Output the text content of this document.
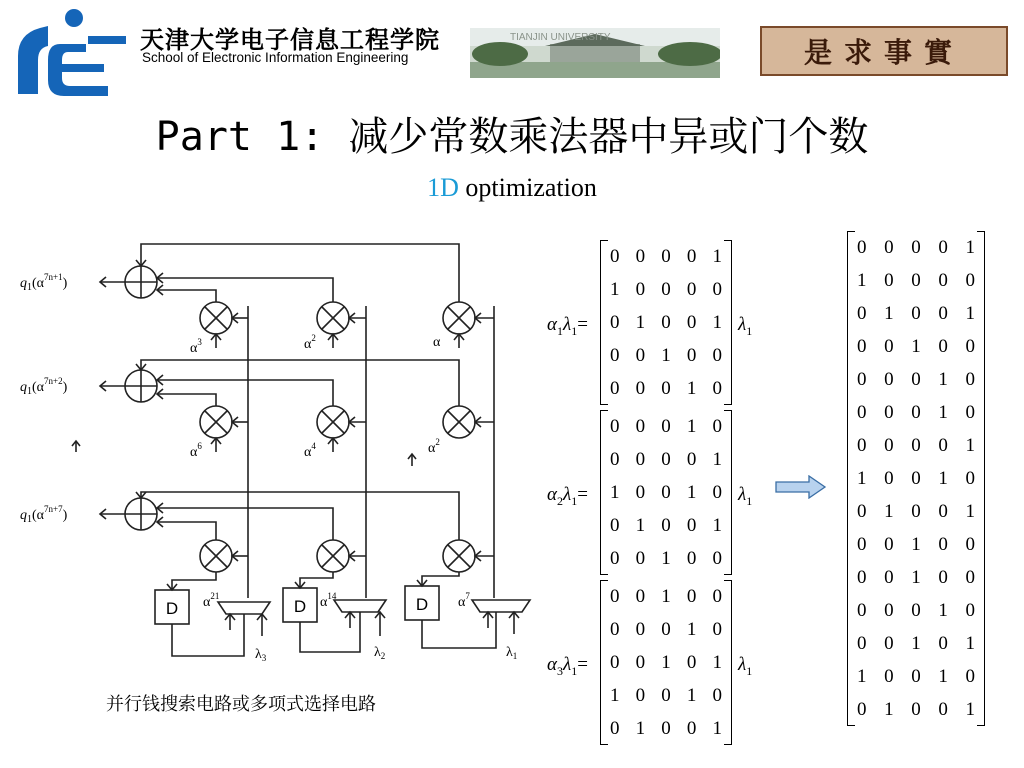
天津大学电子信息工程学院
School of Electronic Information Engineering
TIANJIN UNIVERSITY	是求事實
Part 1: 减少常数乘法器中异或门个数
1D optimization
$q_1(\alpha^{7n+1})$
$q_1(\alpha^{7n+2})$
$q_1(\alpha^{7n+7})$
$\alpha^3$	$\alpha^2$	α
$\alpha^6$	$\alpha^4$	$\alpha^2$
$\alpha^{21}$	$\alpha^{14}$	$\alpha^7$
$\lambda_3$	$\lambda_2$	$\lambda_1$
D	D	D
并行钱搜索电路或多项式选择电路
$\alpha_1\lambda_1=$
0 0 0 0 1
1 0 0 0 0
0 1 0 0 1
0 0 1 0 0
0 0 0 1 0
$\lambda_1$
$\alpha_2\lambda_1=$
0 0 0 1 0
0 0 0 0 1
1 0 0 1 0
0 1 0 0 1
0 0 1 0 0
$\lambda_1$
$\alpha_3\lambda_1=$
0 0 1 0 0
0 0 0 1 0
0 0 1 0 1
1 0 0 1 0
0 1 0 0 1
$\lambda_1$
0 0 0 0 1
1 0 0 0 0
0 1 0 0 1
0 0 1 0 0
0 0 0 1 0
0 0 0 1 0
0 0 0 0 1
1 0 0 1 0
0 1 0 0 1
0 0 1 0 0
0 0 1 0 0
0 0 0 1 0
0 0 1 0 1
1 0 0 1 0
0 1 0 0 1
